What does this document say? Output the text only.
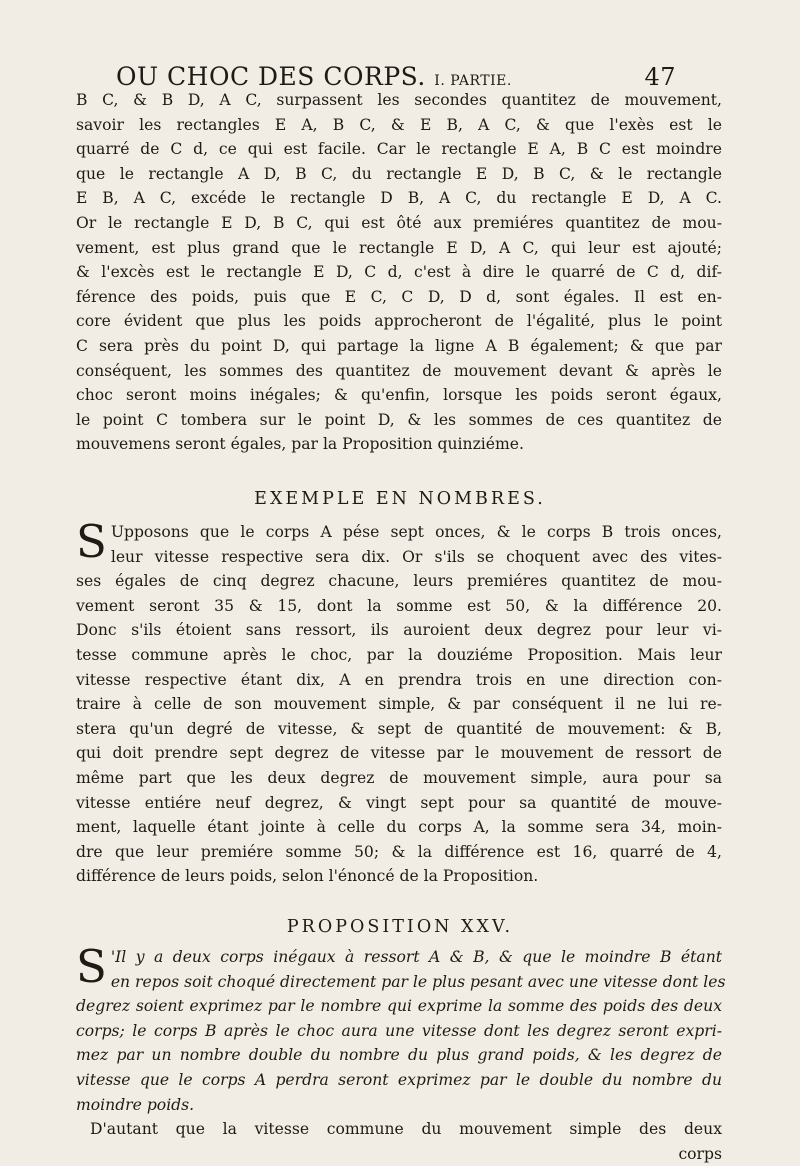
OU CHOC DES CORPS. I. PARTIE.	47
B C, & B D, A C, surpassent les secondes quantitez de mouvement,
savoir les rectangles E A, B C, & E B, A C, & que l'exès est le
quarré de C d, ce qui est facile. Car le rectangle E A, B C est moindre
que le rectangle A D, B C, du rectangle E D, B C, & le rectangle
E B, A C, excéde le rectangle D B, A C, du rectangle E D, A C.
Or le rectangle E D, B C, qui est ôté aux premiéres quantitez de mou-
vement, est plus grand que le rectangle E D, A C, qui leur est ajouté;
& l'excès est le rectangle E D, C d, c'est à dire le quarré de C d, dif-
férence des poids, puis que E C, C D, D d, sont égales. Il est en-
core évident que plus les poids approcheront de l'égalité, plus le point
C sera près du point D, qui partage la ligne A B également; & que par
conséquent, les sommes des quantitez de mouvement devant & après le
choc seront moins inégales; & qu'enfin, lorsque les poids seront égaux,
le point C tombera sur le point D, & les sommes de ces quantitez de
mouvemens seront égales, par la Proposition quinziéme.
EXEMPLE EN NOMBRES.
S Upposons que le corps A pése sept onces, & le corps B trois onces,
leur vitesse respective sera dix. Or s'ils se choquent avec des vites-
ses égales de cinq degrez chacune, leurs premiéres quantitez de mou-
vement seront 35 & 15, dont la somme est 50, & la différence 20.
Donc s'ils étoient sans ressort, ils auroient deux degrez pour leur vi-
tesse commune après le choc, par la douziéme Proposition. Mais leur
vitesse respective étant dix, A en prendra trois en une direction con-
traire à celle de son mouvement simple, & par conséquent il ne lui re-
stera qu'un degré de vitesse, & sept de quantité de mouvement: & B,
qui doit prendre sept degrez de vitesse par le mouvement de ressort de
même part que les deux degrez de mouvement simple, aura pour sa
vitesse entiére neuf degrez, & vingt sept pour sa quantité de mouve-
ment, laquelle étant jointe à celle du corps A, la somme sera 34, moin-
dre que leur premiére somme 50; & la différence est 16, quarré de 4,
différence de leurs poids, selon l'énoncé de la Proposition.
PROPOSITION XXV.
S 'Il y a deux corps inégaux à ressort A & B, & que le moindre B étant
en repos soit choqué directement par le plus pesant avec une vitesse dont les
degrez soient exprimez par le nombre qui exprime la somme des poids des deux
corps; le corps B après le choc aura une vitesse dont les degrez seront expri-
mez par un nombre double du nombre du plus grand poids, & les degrez de
vitesse que le corps A perdra seront exprimez par le double du nombre du
moindre poids.
D'autant que la vitesse commune du mouvement simple des deux
corps
